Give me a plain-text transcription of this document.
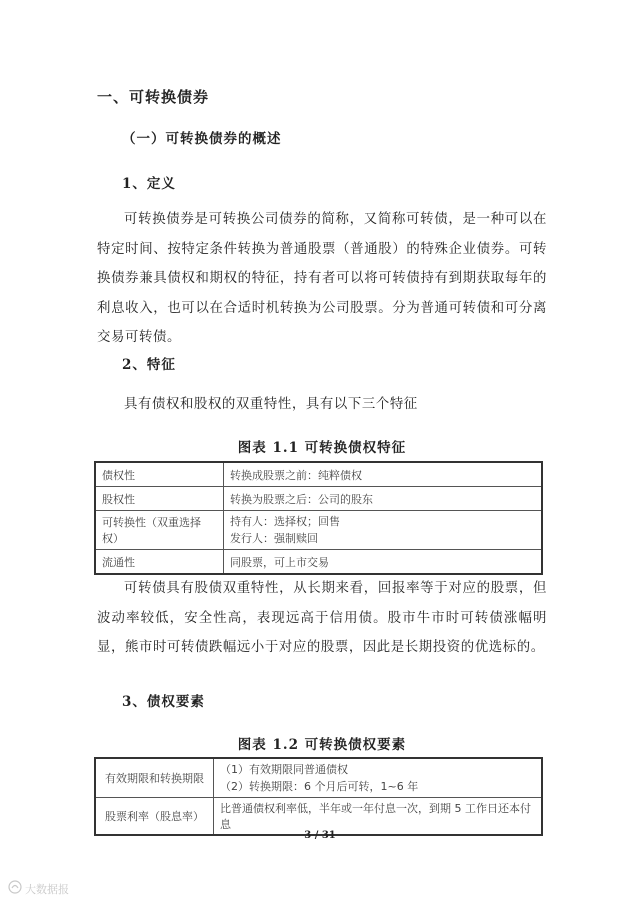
一、可转换债券
（一）可转换债券的概述
1、定义

可转换债券是可转换公司债券的简称，又简称可转债，是一种可以在特定时间、按特定条件转换为普通股票（普通股）的特殊企业债券。可转换债券兼具债权和期权的特征，持有者可以将可转债持有到期获取每年的利息收入，也可以在合适时机转换为公司股票。分为普通可转债和可分离交易可转债。

2、特征

具有债权和股权的双重特性，具有以下三个特征

图表 1.1 可转换债权特征
债权性	转换成股票之前：纯粹债权
股权性	转换为股票之后：公司的股东
可转换性（双重选择权）	持有人：选择权；回售
发行人：强制赎回

流通性	同股票，可上市交易

可转债具有股债双重特性，从长期来看，回报率等于对应的股票，但波动率较低，安全性高，表现远高于信用债。股市牛市时可转债涨幅明显，熊市时可转债跌幅远小于对应的股票，因此是长期投资的优选标的。

3、债权要素
图表 1.2 可转换债权要素
有效期限和转换期限	（1）有效期限同普通债权
（2）转换期限：6 个月后可转，1~6 年

股票利率（股息率）	比普通债权利率低，半年或一年付息一次，到期 5 工作日还本付息
3 / 31
大数据报
